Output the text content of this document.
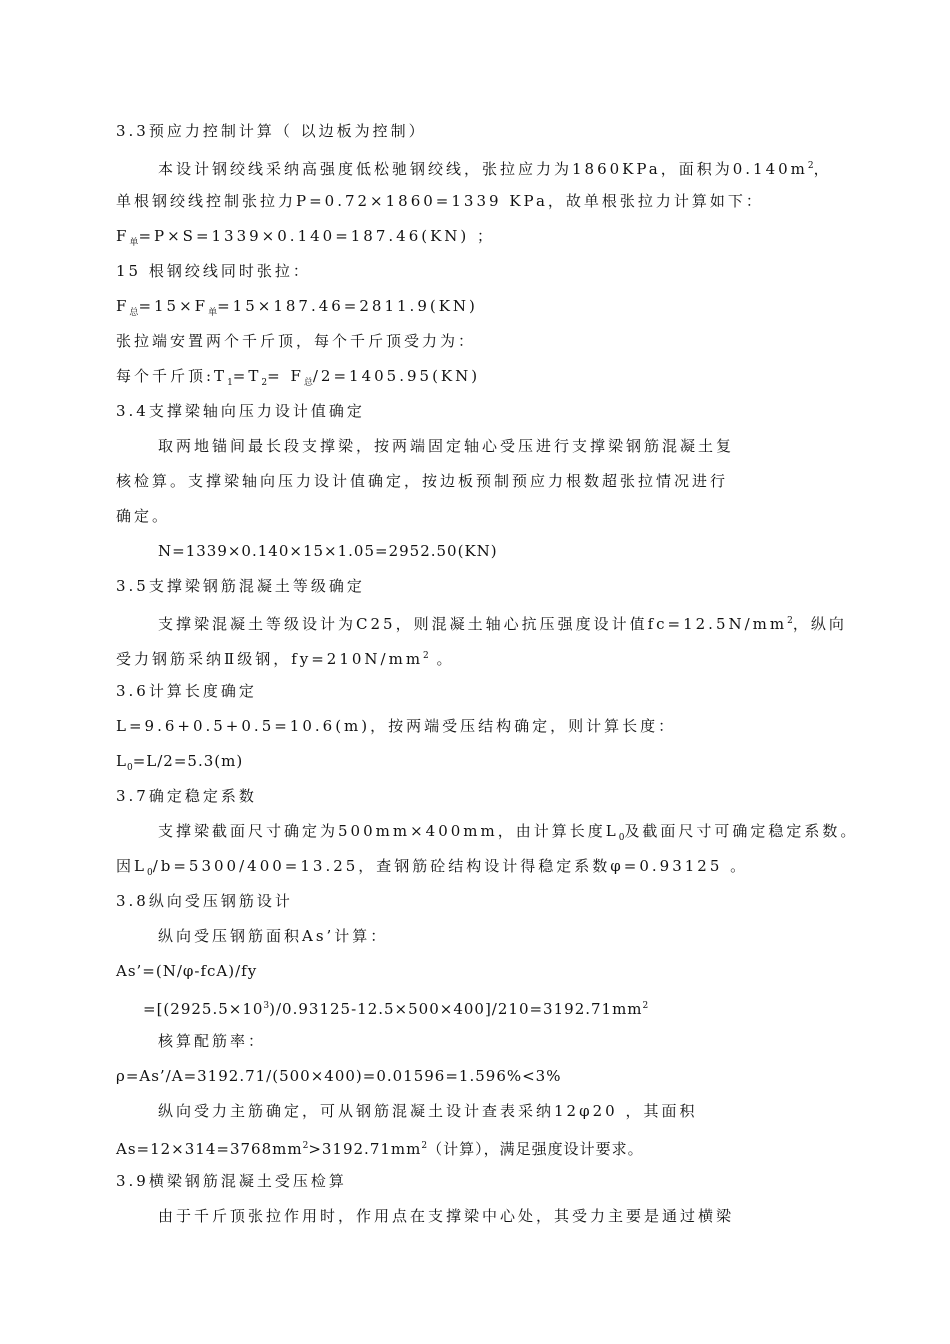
3.3预应力控制计算（ 以边板为控制）
本设计钢绞线采纳高强度低松驰钢绞线，张拉应力为1860KPa，面积为$0.140m^2$，
单根钢绞线控制张拉力P=0.72×1860=1339 KPa，故单根张拉力计算如下：
$F_单=P\times S=1339\times 0.140=187.46(KN)$ ；
15 根钢绞线同时张拉：
$F_总=15\times F_单=15\times 187.46=2811.9(KN)$
张拉端安置两个千斤顶，每个千斤顶受力为：
每个千斤顶$:T_1=T_2= F_总/2=1405.95(KN)$
3.4支撑梁轴向压力设计值确定
取两地锚间最长段支撑梁，按两端固定轴心受压进行支撑梁钢筋混凝土复
核检算。支撑梁轴向压力设计值确定，按边板预制预应力根数超张拉情况进行
确定。
N=1339×0.140×15×1.05=2952.50(KN)
3.5支撑梁钢筋混凝土等级确定
支撑梁混凝土等级设计为C25，则混凝土轴心抗压强度设计值$fc=12.5N/mm^2$，纵向
受力钢筋采纳Ⅱ级钢，$fy=210N/mm^2$ 。
3.6计算长度确定
L=9.6+0.5+0.5=10.6(m)，按两端受压结构确定，则计算长度：
$L_0=L/2=5.3(m)$
3.7确定稳定系数
支撑梁截面尺寸确定为500mm×400mm，由计算长度$L_0$及截面尺寸可确定稳定系数。
因$L_0/b=5300/400=13.25$，查钢筋砼结构设计得稳定系数φ=0.93125 。
3.8纵向受压钢筋设计
纵向受压钢筋面积As’计算：
As’=(N/φ-fcA)/fy
$=[(2925.5\times 10^3)/0.93125-12.5\times 500\times 400]/210=3192.71mm^2$
核算配筋率：
ρ=As’/A=3192.71/(500×400)=0.01596=1.596%<3%
纵向受力主筋确定，可从钢筋混凝土设计查表采纳12φ20 ，其面积
$As=12\times 314=3768mm^2>3192.71mm^2$（计算），满足强度设计要求。
3.9横梁钢筋混凝土受压检算
由于千斤顶张拉作用时，作用点在支撑梁中心处，其受力主要是通过横梁
